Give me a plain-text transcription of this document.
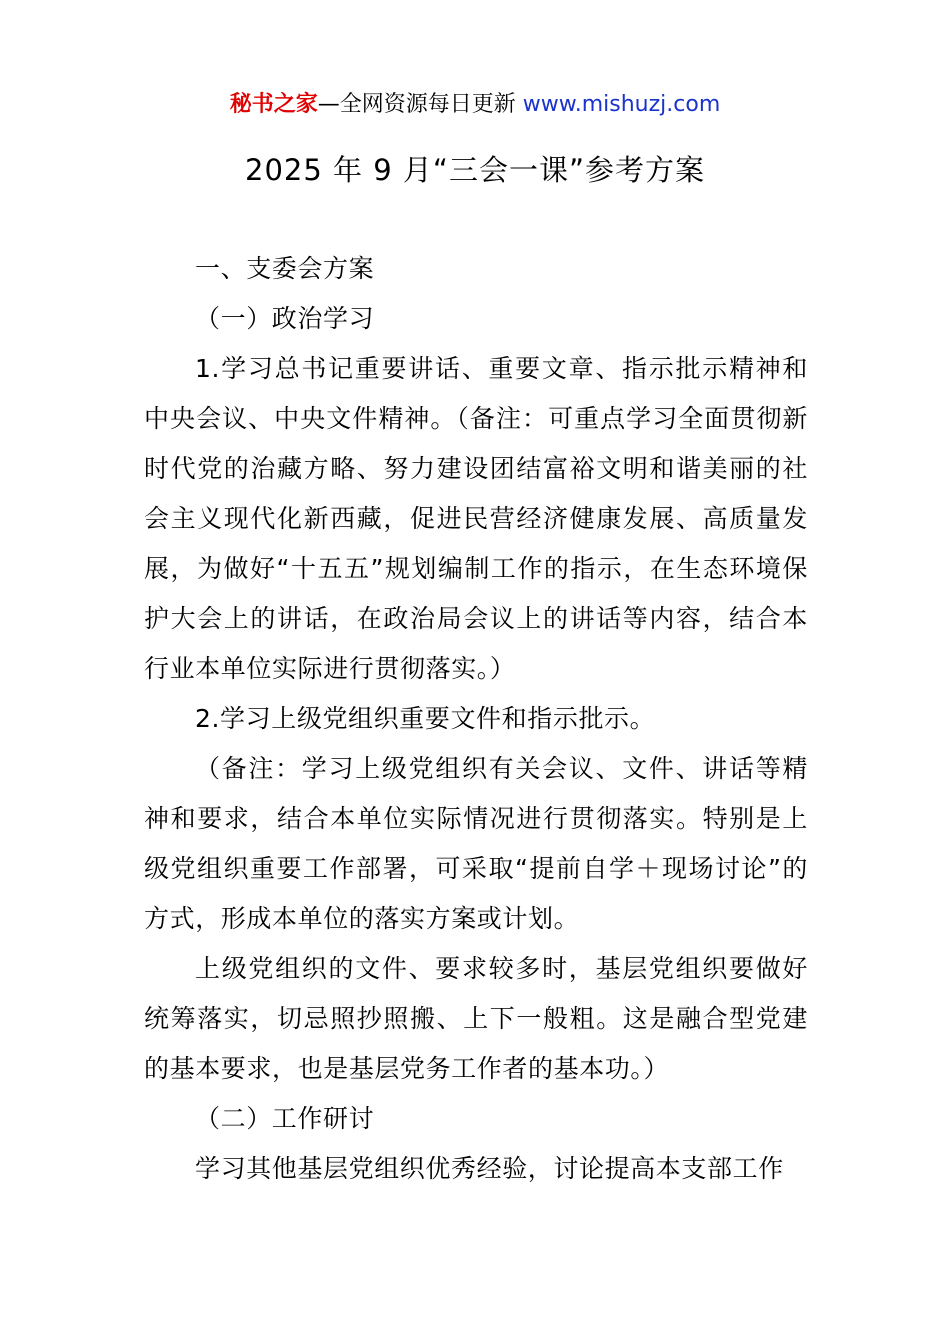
秘书之家—全网资源每日更新 www.mishuzj.com
2025 年 9 月“三会一课”参考方案

一、支委会方案

（一）政治学习

1.学习总书记重要讲话、重要文章、指示批示精神和中央会议、中央文件精神。（备注：可重点学习全面贯彻新时代党的治藏方略、努力建设团结富裕文明和谐美丽的社会主义现代化新西藏，促进民营经济健康发展、高质量发展，为做好“十五五”规划编制工作的指示，在生态环境保护大会上的讲话，在政治局会议上的讲话等内容，结合本行业本单位实际进行贯彻落实。）

2.学习上级党组织重要文件和指示批示。

（备注：学习上级党组织有关会议、文件、讲话等精神和要求，结合本单位实际情况进行贯彻落实。特别是上级党组织重要工作部署，可采取“提前自学＋现场讨论”的方式，形成本单位的落实方案或计划。

上级党组织的文件、要求较多时，基层党组织要做好统筹落实，切忌照抄照搬、上下一般粗。这是融合型党建的基本要求，也是基层党务工作者的基本功。）

（二）工作研讨

学习其他基层党组织优秀经验，讨论提高本支部工作
